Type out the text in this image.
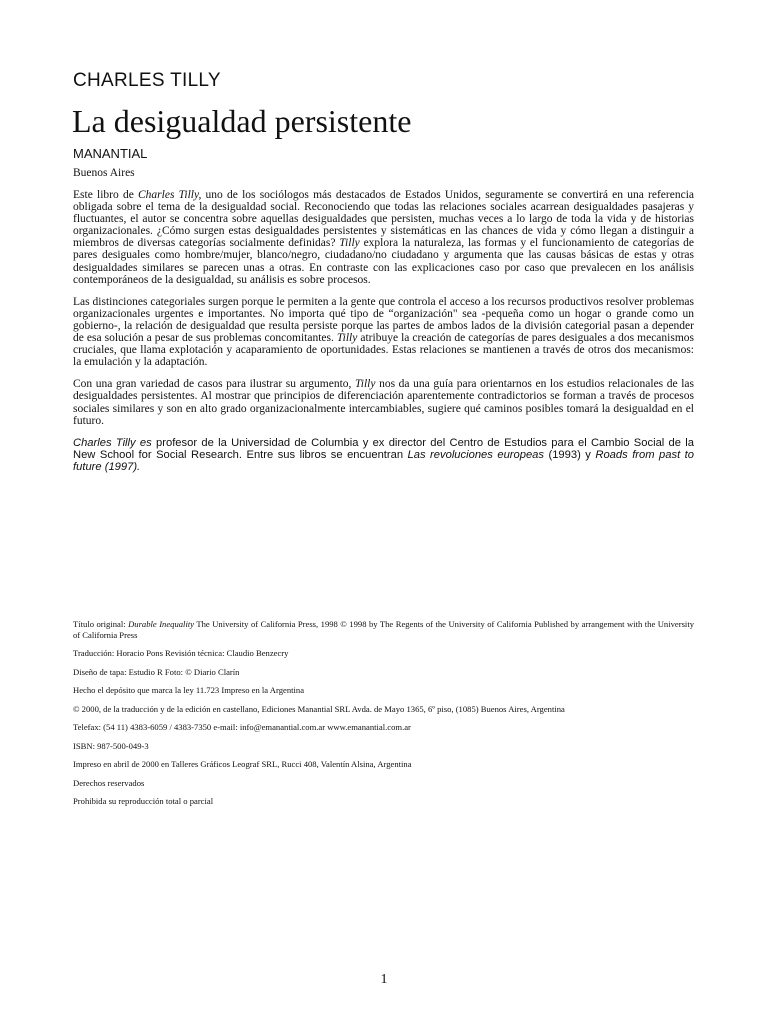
CHARLES TILLY
La desigualdad persistente
MANANTIAL
Buenos Aires

Este libro de Charles Tilly, uno de los sociólogos más destacados de Estados Unidos, seguramente se convertirá en una referencia obligada sobre el tema de la desigualdad social. Reconociendo que todas las relaciones sociales acarrean desigualdades pasajeras y fluctuantes, el autor se concentra sobre aquellas desigualdades que persisten, muchas veces a lo largo de toda la vida y de historias organizacionales. ¿Cómo surgen estas desigualdades persistentes y sistemáticas en las chances de vida y cómo llegan a distinguir a miembros de diversas categorías socialmente definidas? Tilly explora la naturaleza, las formas y el funcionamiento de categorías de pares desiguales como hombre/mujer, blanco/negro, ciudadano/no ciudadano y argumenta que las causas básicas de estas y otras desigualdades similares se parecen unas a otras. En contraste con las explicaciones caso por caso que prevalecen en los análisis contemporáneos de la desigualdad, su análisis es sobre procesos.

Las distinciones categoriales surgen porque le permiten a la gente que controla el acceso a los recursos productivos resolver problemas organizacionales urgentes e importantes. No importa qué tipo de “organización" sea -pequeña como un hogar o grande como un gobierno-, la relación de desigualdad que resulta persiste porque las partes de ambos lados de la división categorial pasan a depender de esa solución a pesar de sus problemas concomitantes. Tilly atribuye la creación de categorías de pares desiguales a dos mecanismos cruciales, que llama explotación y acaparamiento de oportunidades. Estas relaciones se mantienen a través de otros dos mecanismos: la emulación y la adaptación.

Con una gran variedad de casos para ilustrar su argumento, Tilly nos da una guía para orientarnos en los estudios relacionales de las desigualdades persistentes. Al mostrar que principios de diferenciación aparentemente contradictorios se forman a través de procesos sociales similares y son en alto grado organizacionalmente intercambiables, sugiere qué caminos posibles tomará la desigualdad en el futuro.

Charles Tilly es profesor de la Universidad de Columbia y ex director del Centro de Estudios para el Cambio Social de la New School for Social Research. Entre sus libros se encuentran Las revoluciones europeas (1993) y Roads from past to future (1997).

Título original: Durable Inequality The University of California Press, 1998 © 1998 by The Regents of the University of California Published by arrangement with the University of California Press

Traducción: Horacio Pons Revisión técnica: Claudio Benzecry

Diseño de tapa: Estudio R Foto: © Diario Clarín

Hecho el depósito que marca la ley 11.723 Impreso en la Argentina

© 2000, de la traducción y de la edición en castellano, Ediciones Manantial SRL Avda. de Mayo 1365, 6º piso, (1085) Buenos Aires, Argentina

Telefax: (54 11) 4383-6059 / 4383-7350 e-mail: info@emanantial.com.ar www.emanantial.com.ar

ISBN: 987-500-049-3

Impreso en abril de 2000 en Talleres Gráficos Leograf SRL, Rucci 408, Valentín Alsina, Argentina

Derechos reservados

Prohibida su reproducción total o parcial

1
